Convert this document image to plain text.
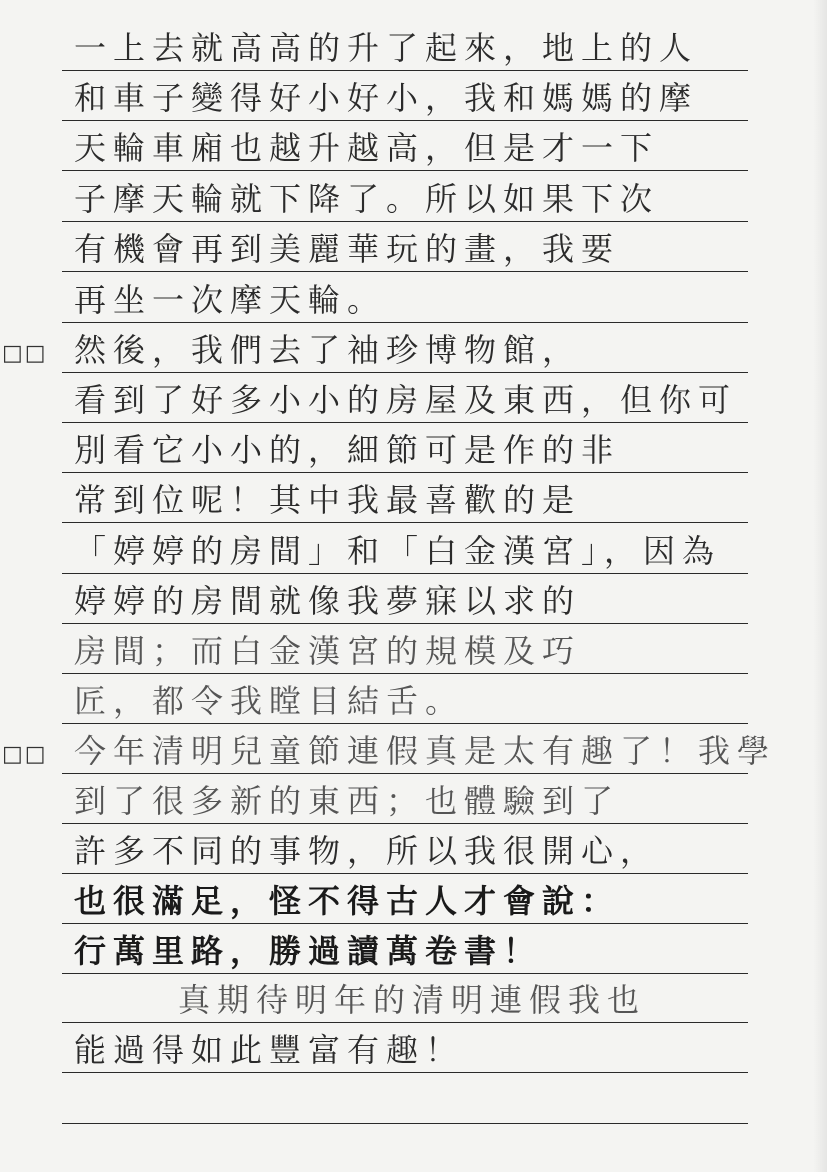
一上去就高高的升了起來，地上的人
和車子變得好小好小，我和媽媽的摩
天輪車廂也越升越高，但是才一下
子摩天輪就下降了。所以如果下次
有機會再到美麗華玩的畫，我要
再坐一次摩天輪。
□□ 然後，我們去了袖珍博物館，
看到了好多小小的房屋及東西，但你可
別看它小小的，細節可是作的非
常到位呢！其中我最喜歡的是
「婷婷的房間」和「白金漢宮」，因為
婷婷的房間就像我夢寐以求的
房間；而白金漢宮的規模及巧
匠，都令我瞠目結舌。
□□ 今年清明兒童節連假真是太有趣了！我學
到了很多新的東西；也體驗到了
許多不同的事物，所以我很開心，
也很滿足，怪不得古人才會說：
行萬里路，勝過讀萬卷書！
真期待明年的清明連假我也
能過得如此豐富有趣！
